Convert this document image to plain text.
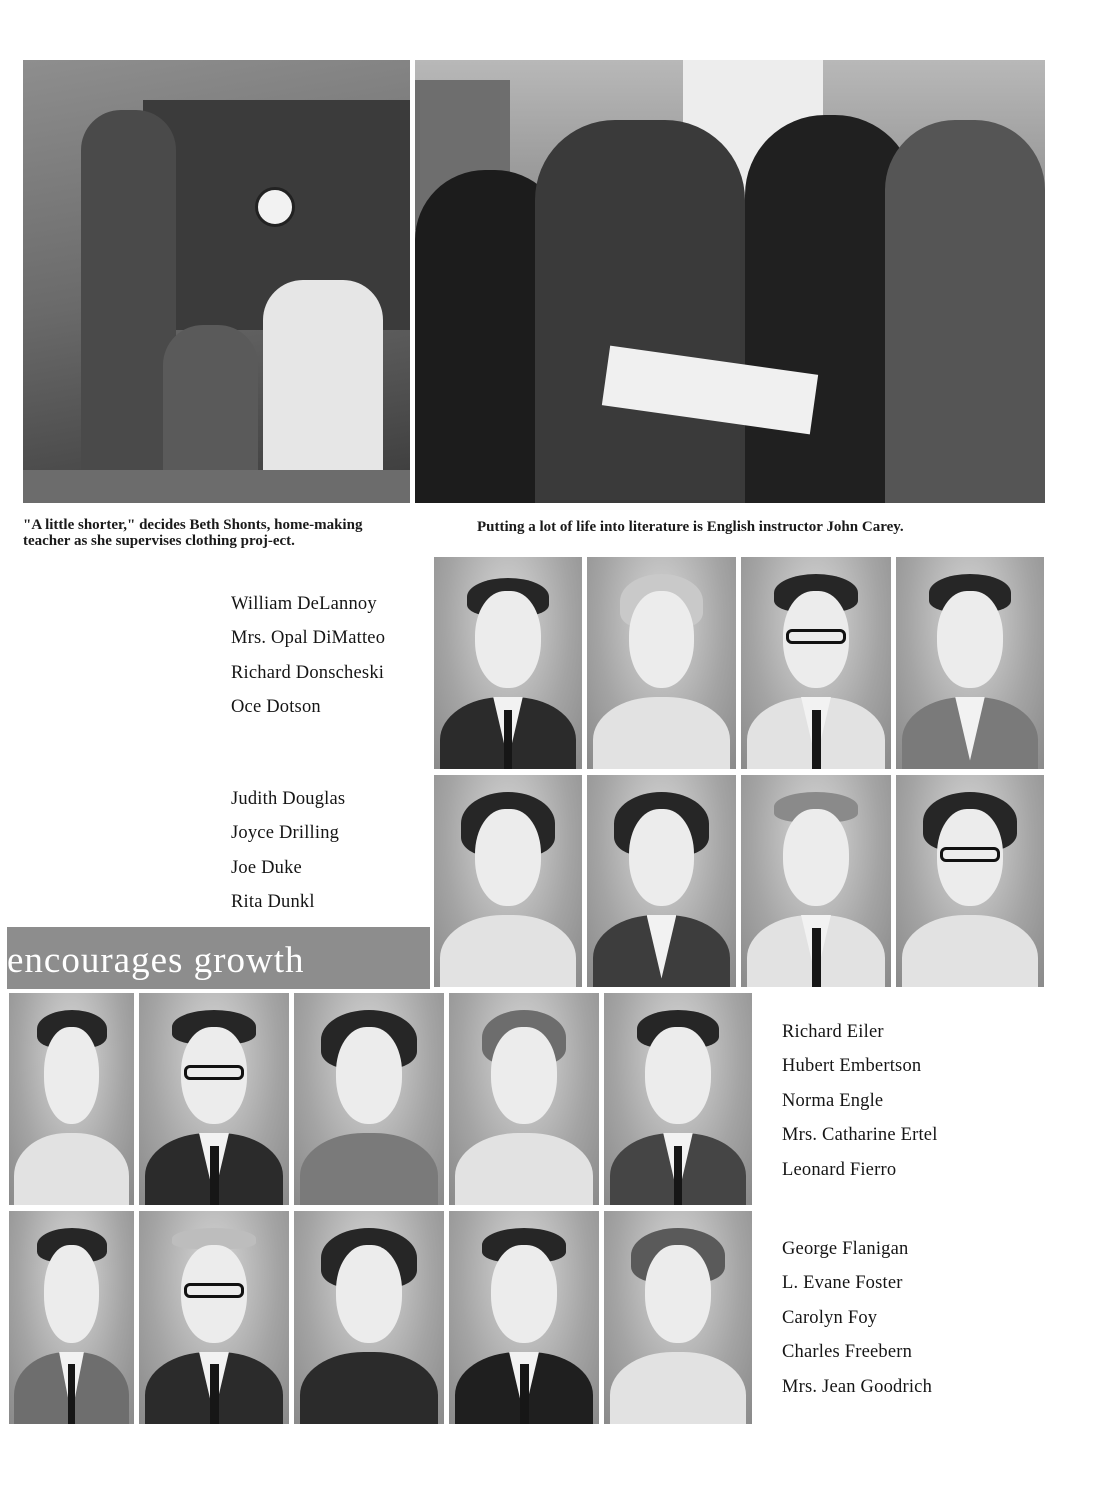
"A little shorter," decides Beth Shonts, home-making teacher as she supervises clothing proj-ect.
Putting a lot of life into literature is English instructor John Carey.
William DeLannoy
Mrs. Opal DiMatteo
Richard Donscheski
Oce Dotson
Judith Douglas
Joyce Drilling
Joe Duke
Rita Dunkl
Richard Eiler
Hubert Embertson
Norma Engle
Mrs. Catharine Ertel
Leonard Fierro
George Flanigan
L. Evane Foster
Carolyn Foy
Charles Freebern
Mrs. Jean Goodrich
encourages growth
